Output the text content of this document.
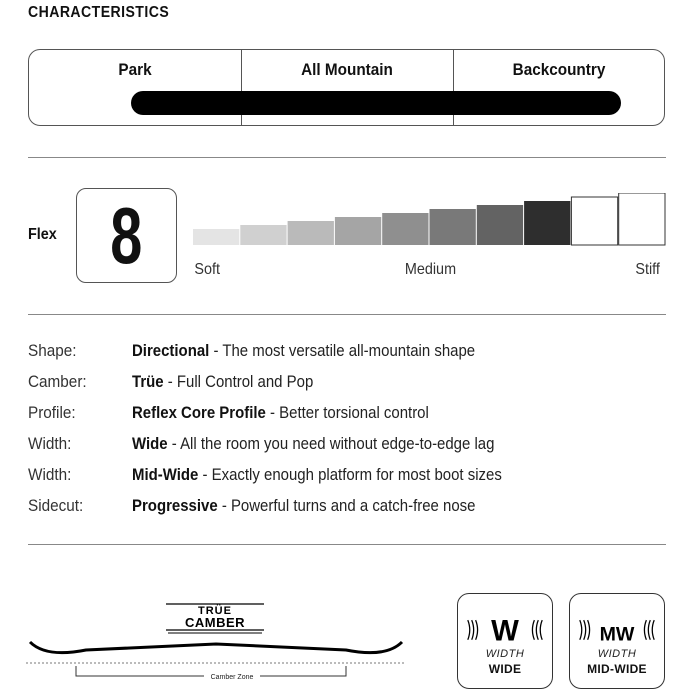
CHARACTERISTICS
Park	All Mountain	Backcountry
Flex 8	Soft	Medium	Stiff
Shape:	Directional - The most versatile all-mountain shape
Camber:	Trüe - Full Control and Pop
Profile:	Reflex Core Profile - Better torsional control
Width:	Wide - All the room you need without edge-to-edge lag
Width:	Mid-Wide - Exactly enough platform for most boot sizes
Sidecut:	Progressive - Powerful turns and a catch-free nose
TRÜE
CAMBER
Camber Zone
W
WIDTH
WIDE
MW
WIDTH
MID-WIDE
